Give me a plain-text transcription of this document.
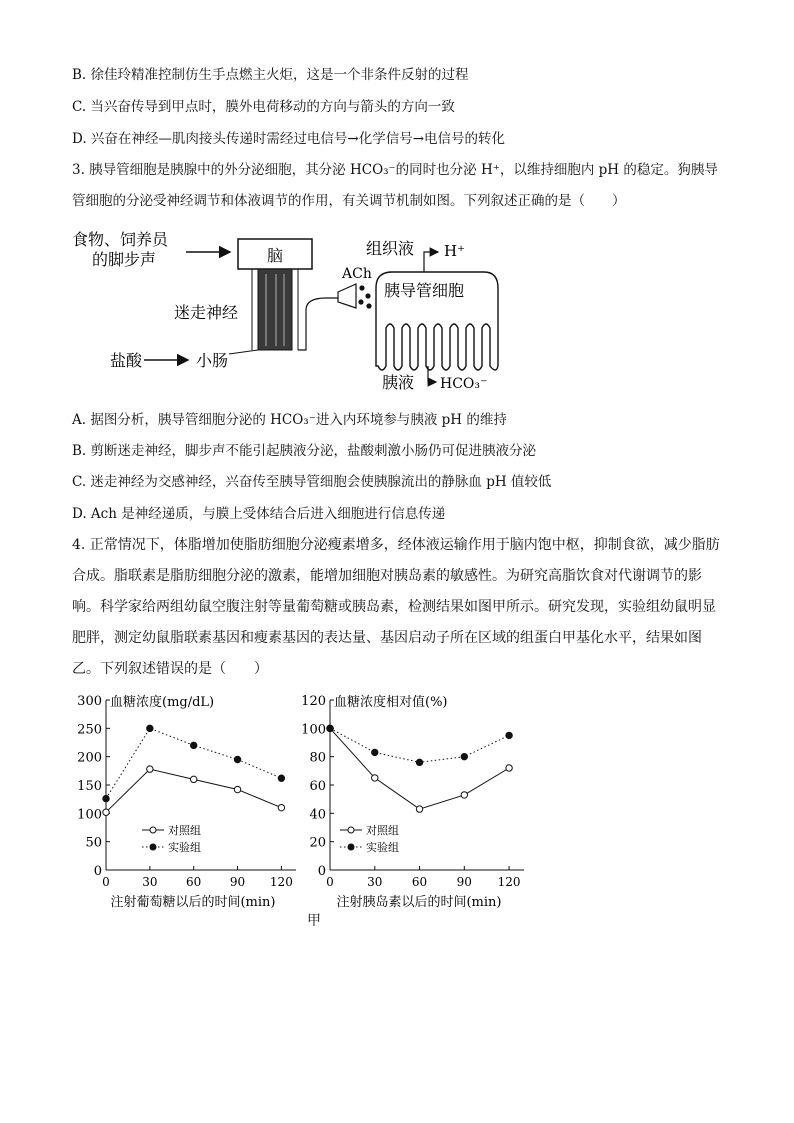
B. 徐佳玲精准控制仿生手点燃主火炬，这是一个非条件反射的过程
C. 当兴奋传导到甲点时，膜外电荷移动的方向与箭头的方向一致
D. 兴奋在神经—肌肉接头传递时需经过电信号→化学信号→电信号的转化
3. 胰导管细胞是胰腺中的外分泌细胞，其分泌 HCO₃⁻的同时也分泌 H⁺，以维持细胞内 pH 的稳定。狗胰导
管细胞的分泌受神经调节和体液调节的作用，有关调节机制如图。下列叙述正确的是（　　）
食物、饲养员
的脚步声	脑
迷走神经
ACh
盐酸	小肠
胰导管细胞
组织液 H⁺
胰液 HCO₃⁻
A. 据图分析，胰导管细胞分泌的 HCO₃⁻进入内环境参与胰液 pH 的维持
B. 剪断迷走神经，脚步声不能引起胰液分泌，盐酸刺激小肠仍可促进胰液分泌
C. 迷走神经为交感神经，兴奋传至胰导管细胞会使胰腺流出的静脉血 pH 值较低
D. Ach 是神经递质，与膜上受体结合后进入细胞进行信息传递
4. 正常情况下，体脂增加使脂肪细胞分泌瘦素增多，经体液运输作用于脑内饱中枢，抑制食欲，减少脂肪
合成。脂联素是脂肪细胞分泌的激素，能增加细胞对胰岛素的敏感性。为研究高脂饮食对代谢调节的影
响。科学家给两组幼鼠空腹注射等量葡萄糖或胰岛素，检测结果如图甲所示。研究发现，实验组幼鼠明显
肥胖，测定幼鼠脂联素基因和瘦素基因的表达量、基因启动子所在区域的组蛋白甲基化水平，结果如图
乙。下列叙述错误的是（　　）
0
50
100
150
200
250
300
0	30 60 90 120
血糖浓度(mg/dL)
注射葡萄糖以后的时间(min)
对照组
实验组
0
20
40
60
80
100
120
0	30 60 90 120
血糖浓度相对值(%)
注射胰岛素以后的时间(min)
对照组
实验组
甲
